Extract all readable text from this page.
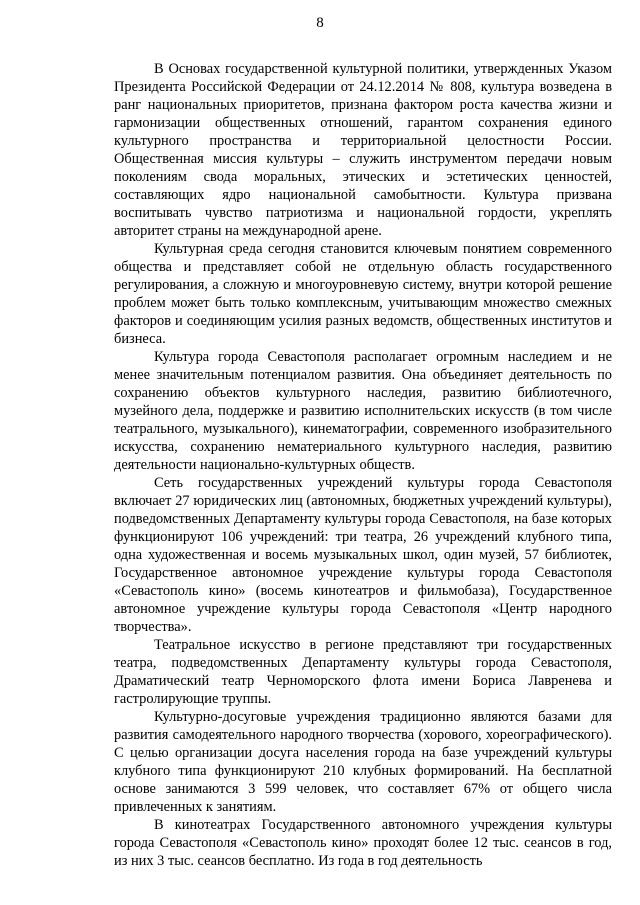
8

В Основах государственной культурной политики, утвержденных Указом Президента Российской Федерации от 24.12.2014 № 808, культура возведена в ранг национальных приоритетов, признана фактором роста качества жизни и гармонизации общественных отношений, гарантом сохранения единого культурного пространства и территориальной целостности России. Общественная миссия культуры – служить инструментом передачи новым поколениям свода моральных, этических и эстетических ценностей, составляющих ядро национальной самобытности. Культура призвана воспитывать чувство патриотизма и национальной гордости, укреплять авторитет страны на международной арене.

Культурная среда сегодня становится ключевым понятием современного общества и представляет собой не отдельную область государственного регулирования, а сложную и многоуровневую систему, внутри которой решение проблем может быть только комплексным, учитывающим множество смежных факторов и соединяющим усилия разных ведомств, общественных институтов и бизнеса.

Культура города Севастополя располагает огромным наследием и не менее значительным потенциалом развития. Она объединяет деятельность по сохранению объектов культурного наследия, развитию библиотечного, музейного дела, поддержке и развитию исполнительских искусств (в том числе театрального, музыкального), кинематографии, современного изобразительного искусства, сохранению нематериального культурного наследия, развитию деятельности национально-культурных обществ.

Сеть государственных учреждений культуры города Севастополя включает 27 юридических лиц (автономных, бюджетных учреждений культуры), подведомственных Департаменту культуры города Севастополя, на базе которых функционируют 106 учреждений: три театра, 26 учреждений клубного типа, одна художественная и восемь музыкальных школ, один музей, 57 библиотек, Государственное автономное учреждение культуры города Севастополя «Севастополь кино» (восемь кинотеатров и фильмобаза), Государственное автономное учреждение культуры города Севастополя «Центр народного творчества».

Театральное искусство в регионе представляют три государственных театра, подведомственных Департаменту культуры города Севастополя, Драматический театр Черноморского флота имени Бориса Лавренева и гастролирующие труппы.

Культурно-досуговые учреждения традиционно являются базами для развития самодеятельного народного творчества (хорового, хореографического). С целью организации досуга населения города на базе учреждений культуры клубного типа функционируют 210 клубных формирований. На бесплатной основе занимаются 3 599 человек, что составляет 67% от общего числа привлеченных к занятиям.

В кинотеатрах Государственного автономного учреждения культуры города Севастополя «Севастополь кино» проходят более 12 тыс. сеансов в год, из них 3 тыс. сеансов бесплатно. Из года в год деятельность
